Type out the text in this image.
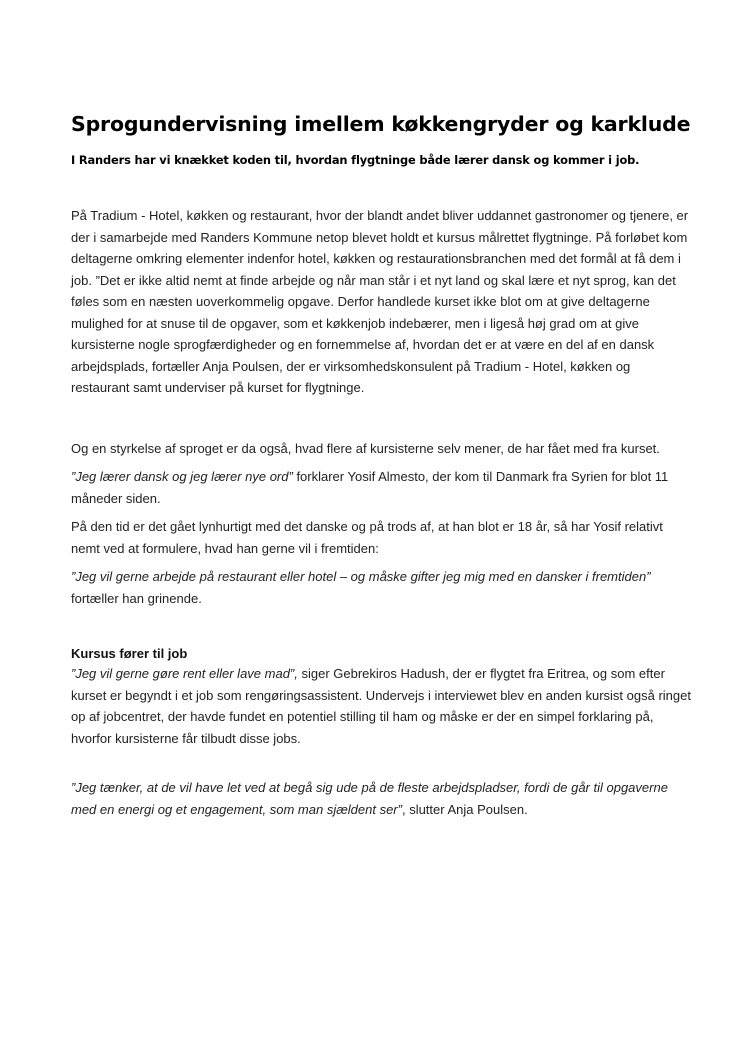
Sprogundervisning imellem køkkengryder og karklude

I Randers har vi knækket koden til, hvordan flygtninge både lærer dansk og kommer i job.

På Tradium - Hotel, køkken og restaurant, hvor der blandt andet bliver uddannet gastronomer og tjenere, er der i samarbejde med Randers Kommune netop blevet holdt et kursus målrettet flygtninge. På forløbet kom deltagerne omkring elementer indenfor hotel, køkken og restaurationsbranchen med det formål at få dem i job. ”Det er ikke altid nemt at finde arbejde og når man står i et nyt land og skal lære et nyt sprog, kan det føles som en næsten uoverkommelig opgave. Derfor handlede kurset ikke blot om at give deltagerne mulighed for at snuse til de opgaver, som et køkkenjob indebærer, men i ligeså høj grad om at give kursisterne nogle sprogfærdigheder og en fornemmelse af, hvordan det er at være en del af en dansk arbejdsplads, fortæller Anja Poulsen, der er virksomhedskonsulent på Tradium - Hotel, køkken og restaurant samt underviser på kurset for flygtninge.

Og en styrkelse af sproget er da også, hvad flere af kursisterne selv mener, de har fået med fra kurset.

”Jeg lærer dansk og jeg lærer nye ord” forklarer Yosif Almesto, der kom til Danmark fra Syrien for blot 11 måneder siden.

På den tid er det gået lynhurtigt med det danske og på trods af, at han blot er 18 år, så har Yosif relativt nemt ved at formulere, hvad han gerne vil i fremtiden:

”Jeg vil gerne arbejde på restaurant eller hotel – og måske gifter jeg mig med en dansker i fremtiden”
fortæller han grinende.

Kursus fører til job

”Jeg vil gerne gøre rent eller lave mad”, siger Gebrekiros Hadush, der er flygtet fra Eritrea, og som efter kurset er begyndt i et job som rengøringsassistent. Undervejs i interviewet blev en anden kursist også ringet op af jobcentret, der havde fundet en potentiel stilling til ham og måske er der en simpel forklaring på, hvorfor kursisterne får tilbudt disse jobs.

”Jeg tænker, at de vil have let ved at begå sig ude på de fleste arbejdspladser, fordi de går til opgaverne med en energi og et engagement, som man sjældent ser”, slutter Anja Poulsen.
